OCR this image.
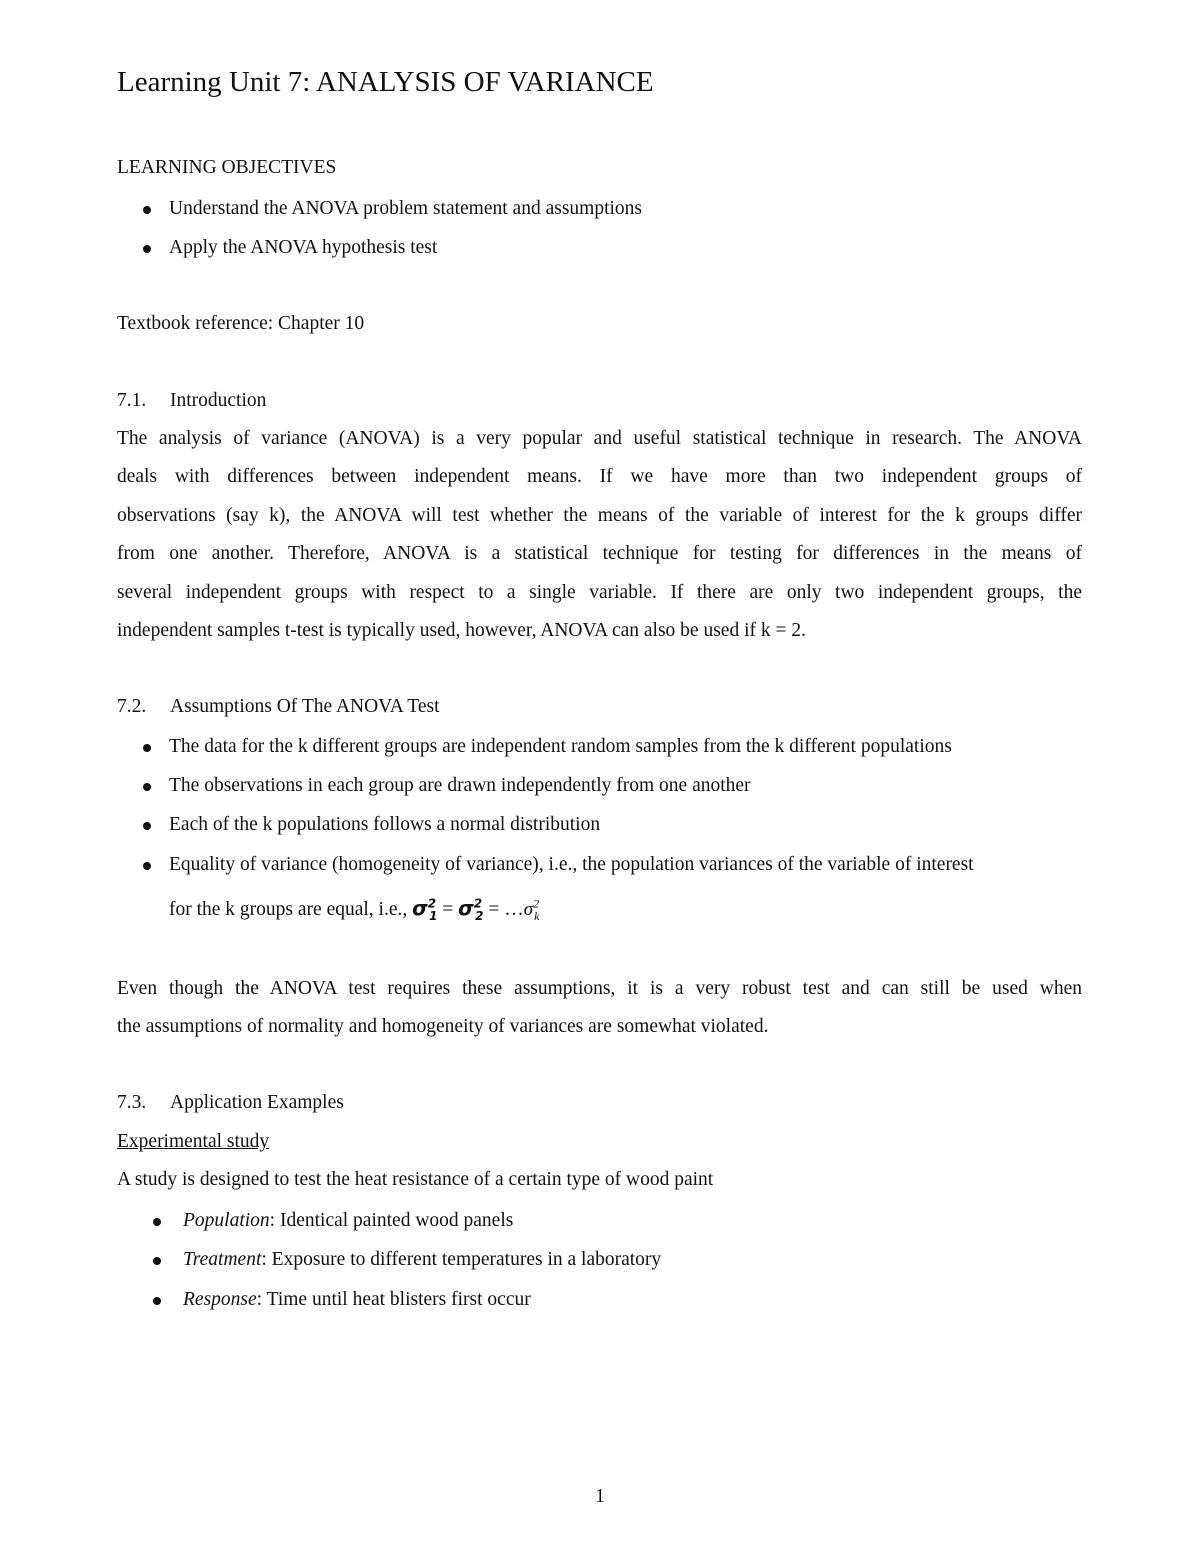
Learning Unit 7: ANALYSIS OF VARIANCE
LEARNING OBJECTIVES
Understand the ANOVA problem statement and assumptions
Apply the ANOVA hypothesis test
Textbook reference: Chapter 10
7.1. Introduction
The analysis of variance (ANOVA) is a very popular and useful statistical technique in research. The ANOVA
deals with differences between independent means. If we have more than two independent groups of
observations (say k), the ANOVA will test whether the means of the variable of interest for the k groups differ
from one another. Therefore, ANOVA is a statistical technique for testing for differences in the means of
several independent groups with respect to a single variable. If there are only two independent groups, the
independent samples t-test is typically used, however, ANOVA can also be used if k = 2.
7.2. Assumptions Of The ANOVA Test
The data for the k different groups are independent random samples from the k different populations
The observations in each group are drawn independently from one another
Each of the k populations follows a normal distribution
Equality of variance (homogeneity of variance), i.e., the population variances of the variable of interest
for the k groups are equal, i.e., $\sigma^2_1 = \sigma^2_2$ = $\dots\sigma^2_k$
Even though the ANOVA test requires these assumptions, it is a very robust test and can still be used when
the assumptions of normality and homogeneity of variances are somewhat violated.
7.3. Application Examples
Experimental study
A study is designed to test the heat resistance of a certain type of wood paint
Population: Identical painted wood panels
Treatment: Exposure to different temperatures in a laboratory
Response: Time until heat blisters first occur
1
